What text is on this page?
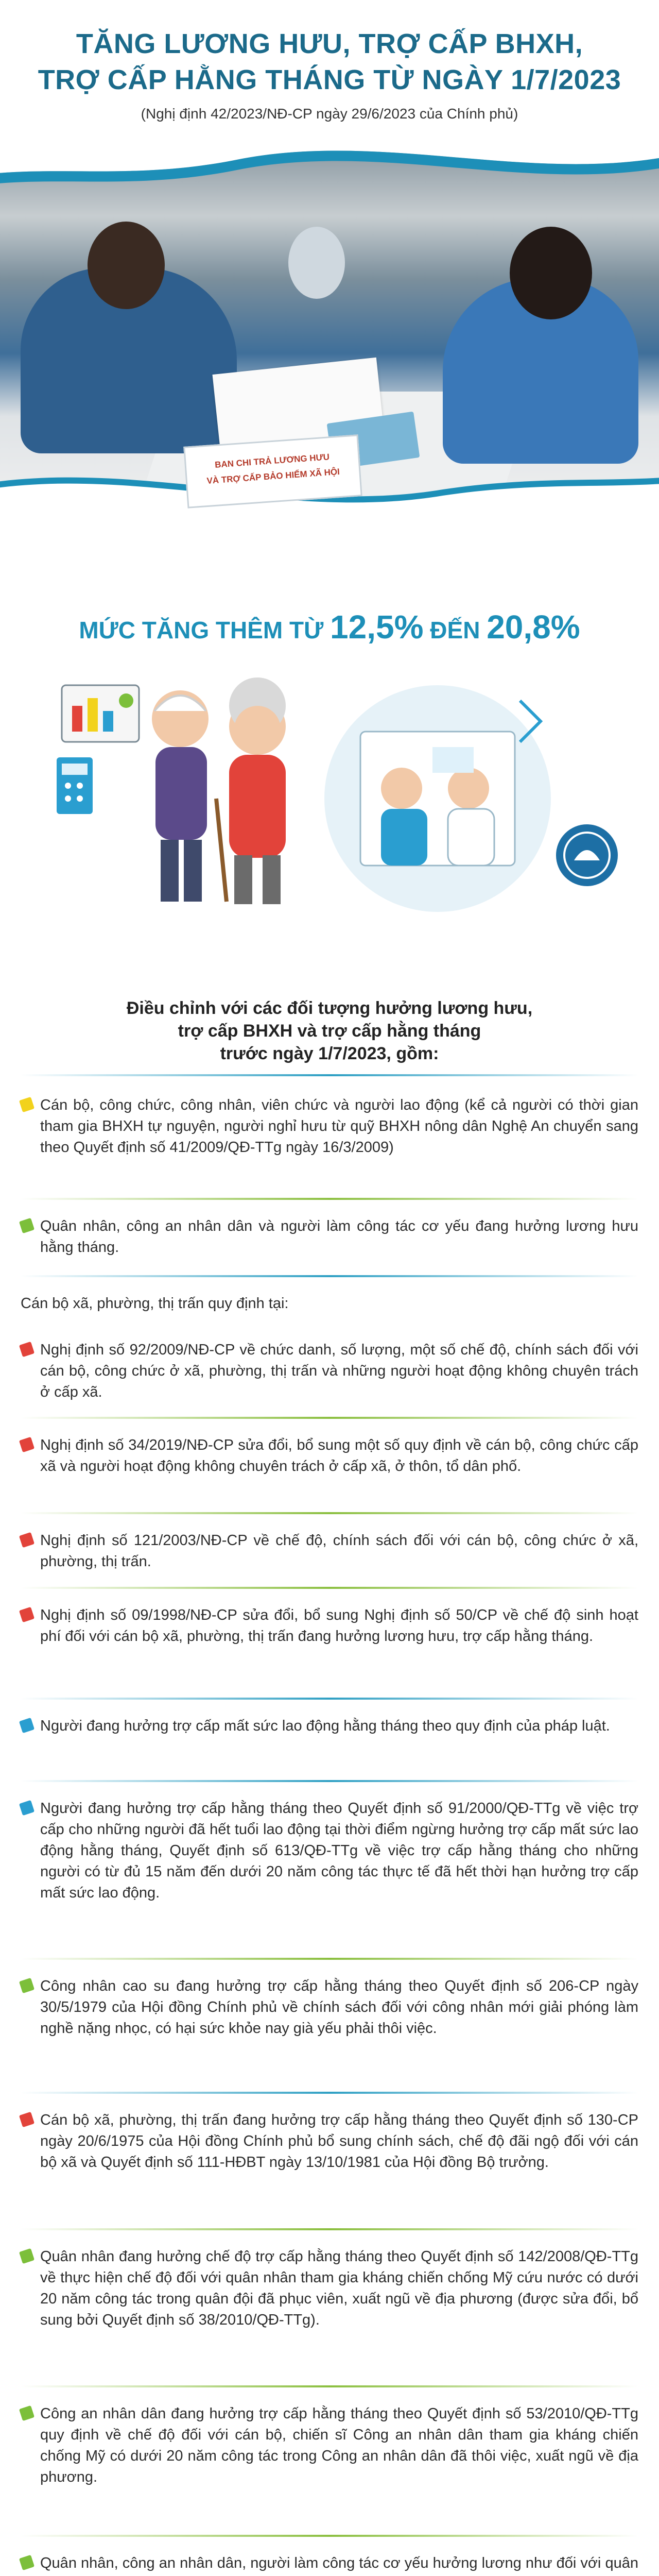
TĂNG LƯƠNG HƯU, TRỢ CẤP BHXH,
TRỢ CẤP HẰNG THÁNG TỪ NGÀY 1/7/2023
(Nghị định 42/2023/NĐ-CP ngày 29/6/2023 của Chính phủ)
BAN CHI TRẢ LƯƠNG HƯU
VÀ TRỢ CẤP BẢO HIỂM XÃ HỘI
MỨC TĂNG THÊM TỪ 12,5% ĐẾN 20,8%
Điều chỉnh với các đối tượng hưởng lương hưu,
trợ cấp BHXH và trợ cấp hằng tháng
trước ngày 1/7/2023, gồm:
Cán bộ, công chức, công nhân, viên chức và người lao động (kể cả người có thời gian tham gia BHXH tự nguyện, người nghỉ hưu từ quỹ BHXH nông dân Nghệ An chuyển sang theo Quyết định số 41/2009/QĐ-TTg ngày 16/3/2009)
Quân nhân, công an nhân dân và người làm công tác cơ yếu đang hưởng lương hưu hằng tháng.
Cán bộ xã, phường, thị trấn quy định tại:
Nghị định số 92/2009/NĐ-CP về chức danh, số lượng, một số chế độ, chính sách đối với cán bộ, công chức ở xã, phường, thị trấn và những người hoạt động không chuyên trách ở cấp xã.
Nghị định số 34/2019/NĐ-CP sửa đổi, bổ sung một số quy định về cán bộ, công chức cấp xã và người hoạt động không chuyên trách ở cấp xã, ở thôn, tổ dân phố.
Nghị định số 121/2003/NĐ-CP về chế độ, chính sách đối với cán bộ, công chức ở xã, phường, thị trấn.
Nghị định số 09/1998/NĐ-CP sửa đổi, bổ sung Nghị định số 50/CP về chế độ sinh hoạt phí đối với cán bộ xã, phường, thị trấn đang hưởng lương hưu, trợ cấp hằng tháng.
Người đang hưởng trợ cấp mất sức lao động hằng tháng theo quy định của pháp luật.
Người đang hưởng trợ cấp hằng tháng theo Quyết định số 91/2000/QĐ-TTg về việc trợ cấp cho những người đã hết tuổi lao động tại thời điểm ngừng hưởng trợ cấp mất sức lao động hằng tháng, Quyết định số 613/QĐ-TTg về việc trợ cấp hằng tháng cho những người có từ đủ 15 năm đến dưới 20 năm công tác thực tế đã hết thời hạn hưởng trợ cấp mất sức lao động.
Công nhân cao su đang hưởng trợ cấp hằng tháng theo Quyết định số 206-CP ngày 30/5/1979 của Hội đồng Chính phủ về chính sách đối với công nhân mới giải phóng làm nghề nặng nhọc, có hại sức khỏe nay già yếu phải thôi việc.
Cán bộ xã, phường, thị trấn đang hưởng trợ cấp hằng tháng theo Quyết định số 130-CP ngày 20/6/1975 của Hội đồng Chính phủ bổ sung chính sách, chế độ đãi ngộ đối với cán bộ xã và Quyết định số 111-HĐBT ngày 13/10/1981 của Hội đồng Bộ trưởng.
Quân nhân đang hưởng chế độ trợ cấp hằng tháng theo Quyết định số 142/2008/QĐ-TTg về thực hiện chế độ đối với quân nhân tham gia kháng chiến chống Mỹ cứu nước có dưới 20 năm công tác trong quân đội đã phục viên, xuất ngũ về địa phương (được sửa đổi, bổ sung bởi Quyết định số 38/2010/QĐ-TTg).
Công an nhân dân đang hưởng trợ cấp hằng tháng theo Quyết định số 53/2010/QĐ-TTg quy định về chế độ đối với cán bộ, chiến sĩ Công an nhân dân tham gia kháng chiến chống Mỹ có dưới 20 năm công tác trong Công an nhân dân đã thôi việc, xuất ngũ về địa phương.
Quân nhân, công an nhân dân, người làm công tác cơ yếu hưởng lương như đối với quân
